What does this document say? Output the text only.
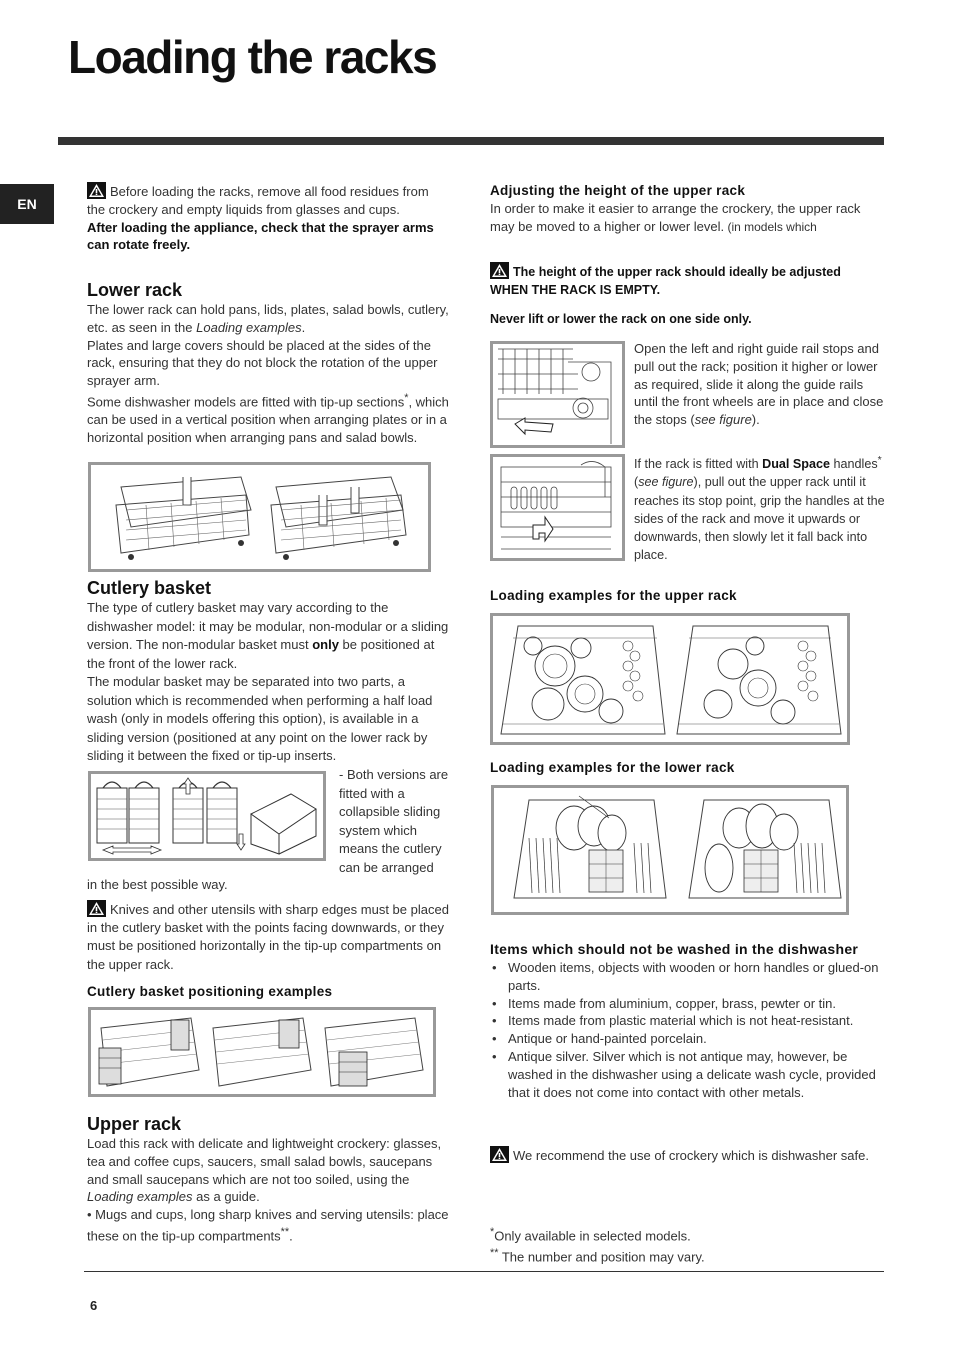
Loading the racks
EN

Before loading the racks, remove all food residues from the crockery and empty liquids from glasses and cups.

After loading the appliance, check that the sprayer arms can rotate freely.

Lower rack

The lower rack can hold pans, lids, plates, salad bowls, cutlery, etc. as seen in the Loading examples.

Plates and large covers should be placed at the sides of the rack, ensuring that they do not block the rotation of the upper sprayer arm.

Some dishwasher models are fitted with tip-up sections*, which can be used in a vertical position when arranging plates or in a horizontal position when arranging pans and salad bowls.

Cutlery basket

The type of cutlery basket may vary according to the dishwasher model: it may be modular, non-modular or a sliding version. The non-modular basket must only be positioned at the front of the lower rack.

The modular basket may be separated into two parts, a solution which is recommended when performing a half load wash (only in models offering this option), is available in a sliding version (positioned at any point on the lower rack by sliding it between the fixed or tip-up inserts.

- Both versions are fitted with a collapsible sliding system which means the cutlery can be arranged

in the best possible way.

Knives and other utensils with sharp edges must be placed in the cutlery basket with the points facing downwards, or they must be positioned horizontally in the tip-up compartments on the upper rack.

Cutlery basket positioning examples

Upper rack

Load this rack with delicate and lightweight crockery: glasses, tea and coffee cups, saucers, small salad bowls, saucepans and small saucepans which are not too soiled, using the Loading examples as a guide.

• Mugs and cups, long sharp knives and serving utensils: place these on the tip-up compartments**.

Adjusting the height of the upper rack

In order to make it easier to arrange the crockery, the upper rack may be moved to a higher or lower level. (in models which

The height of the upper rack should ideally be adjusted WHEN THE RACK IS EMPTY.

Never lift or lower the rack on one side only.

Open the left and right guide rail stops and pull out the rack; position it higher or lower as required, slide it along the guide rails until the front wheels are in place and close the stops (see figure).

If the rack is fitted with Dual Space handles* (see figure), pull out the upper rack until it reaches its stop point, grip the handles at the sides of the rack and move it upwards or downwards, then slowly let it fall back into place.

Loading examples for the upper rack

Loading examples for the lower rack

Items which should not be washed in the dishwasher

• Wooden items, objects with wooden or horn handles or glued-on parts.
• Items made from aluminium, copper, brass, pewter or tin.
• Items made from plastic material which is not heat-resistant.
• Antique or hand-painted porcelain.
• Antique silver. Silver which is not antique may, however, be washed in the dishwasher using a delicate wash cycle, provided that it does not come into contact with other metals.

We recommend the use of crockery which is dishwasher safe.

*Only available in selected models.

** The number and position may vary.

6
